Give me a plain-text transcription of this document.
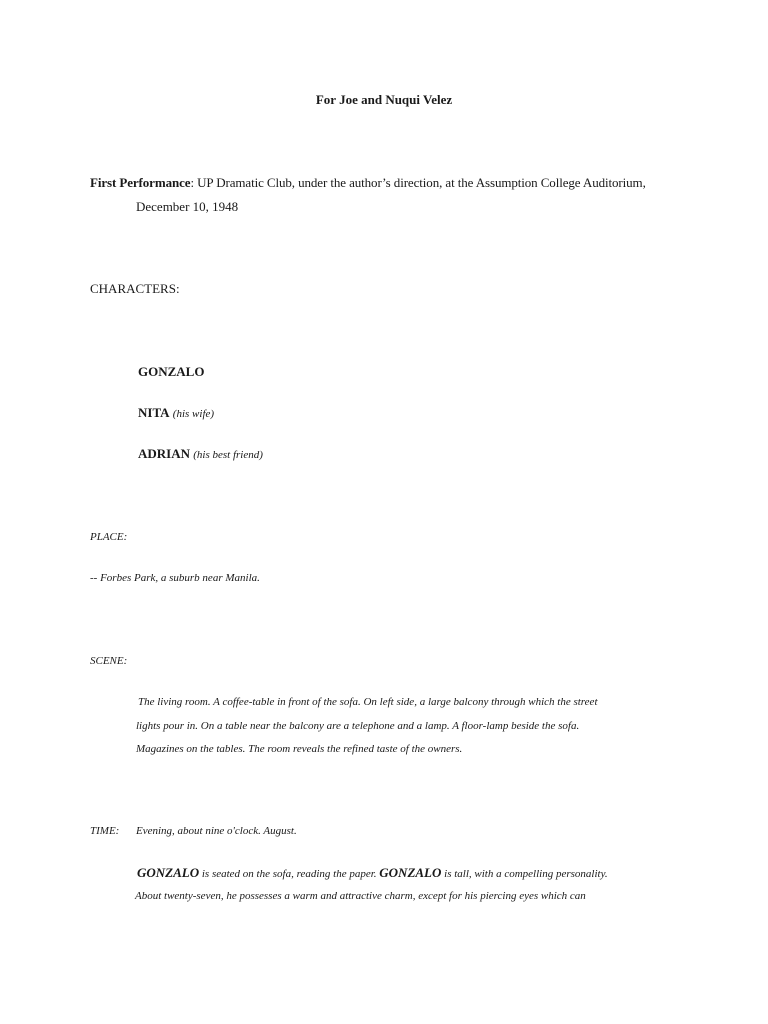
For Joe and Nuqui Velez
First Performance: UP Dramatic Club, under the author’s direction, at the Assumption College Auditorium,
December 10, 1948
CHARACTERS:
GONZALO
NITA (his wife)
ADRIAN (his best friend)
PLACE:
-- Forbes Park, a suburb near Manila.
SCENE:
The living room. A coffee-table in front of the sofa. On left side, a large balcony through which the street
lights pour in. On a table near the balcony are a telephone and a lamp. A floor-lamp beside the sofa.
Magazines on the tables. The room reveals the refined taste of the owners.
TIME: Evening, about nine o'clock. August.
GONZALO is seated on the sofa, reading the paper. GONZALO is tall, with a compelling personality.
About twenty-seven, he possesses a warm and attractive charm, except for his piercing eyes which can
